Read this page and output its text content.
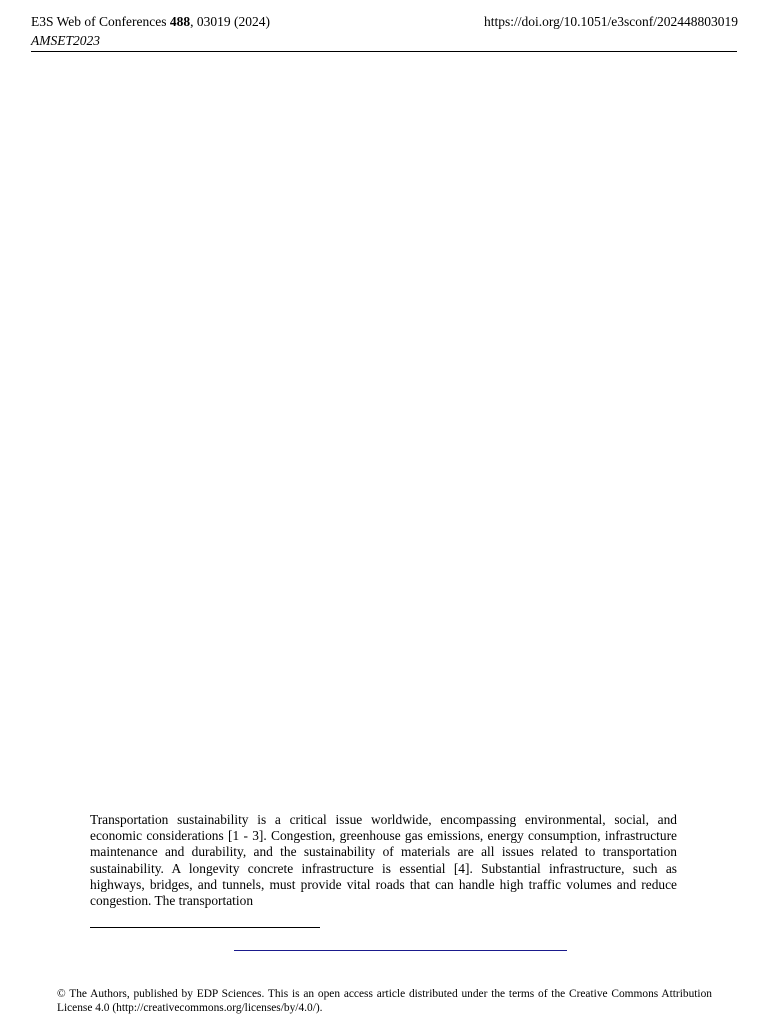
E3S Web of Conferences 488, 03019 (2024)
AMSET2023
https://doi.org/10.1051/e3sconf/202448803019
Transportation sustainability is a critical issue worldwide, encompassing environmental, social, and economic considerations [1 - 3]. Congestion, greenhouse gas emissions, energy consumption, infrastructure maintenance and durability, and the sustainability of materials are all issues related to transportation sustainability. A longevity concrete infrastructure is essential [4]. Substantial infrastructure, such as highways, bridges, and tunnels, must provide vital roads that can handle high traffic volumes and reduce congestion. The transportation
© The Authors, published by EDP Sciences. This is an open access article distributed under the terms of the Creative Commons Attribution License 4.0 (http://creativecommons.org/licenses/by/4.0/).
